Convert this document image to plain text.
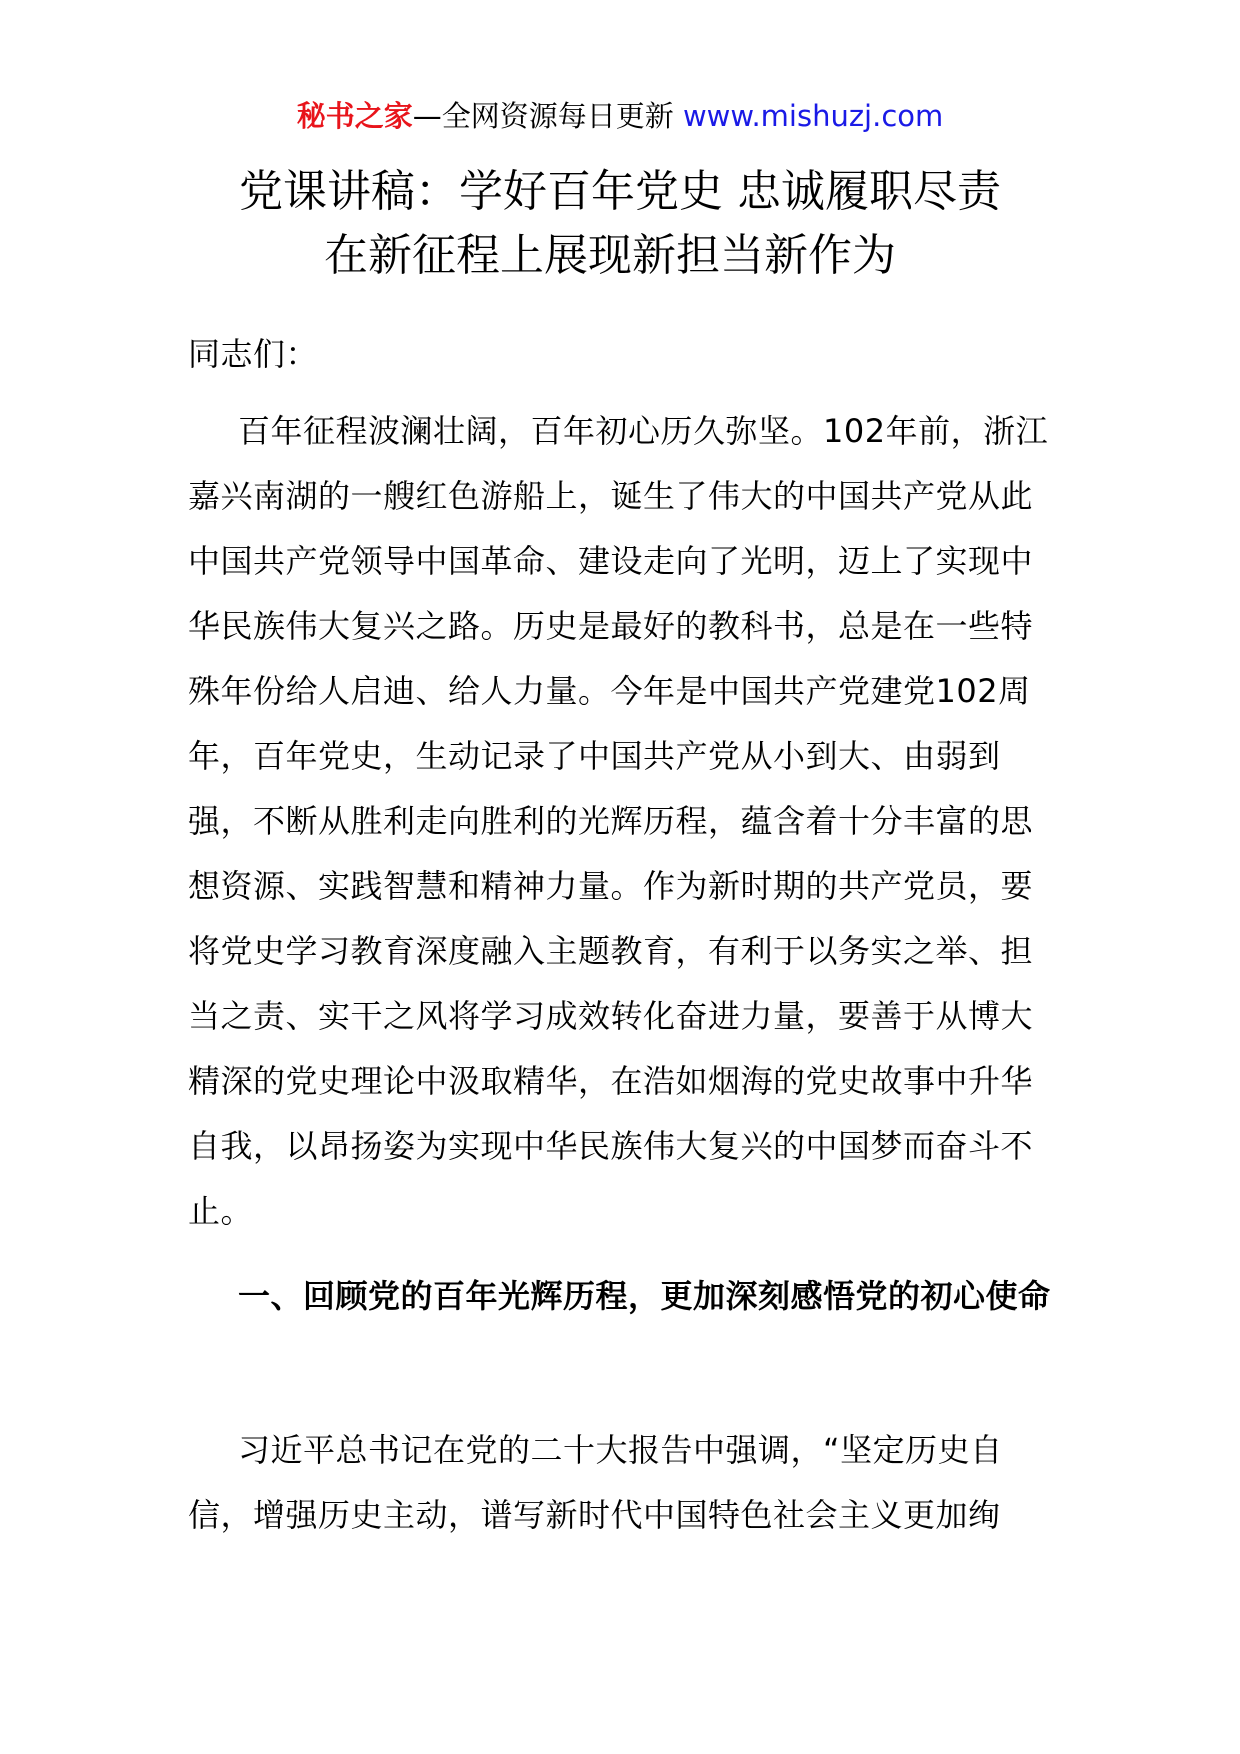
秘书之家—全网资源每日更新 www.mishuzj.com
党课讲稿：学好百年党史 忠诚履职尽责
在新征程上展现新担当新作为
同志们：

百年征程波澜壮阔，百年初心历久弥坚。102年前，浙江嘉兴南湖的一艘红色游船上，诞生了伟大的中国共产党从此中国共产党领导中国革命、建设走向了光明，迈上了实现中华民族伟大复兴之路。历史是最好的教科书，总是在一些特殊年份给人启迪、给人力量。今年是中国共产党建党102周年，百年党史，生动记录了中国共产党从小到大、由弱到强，不断从胜利走向胜利的光辉历程，蕴含着十分丰富的思想资源、实践智慧和精神力量。作为新时期的共产党员，要将党史学习教育深度融入主题教育，有利于以务实之举、担当之责、实干之风将学习成效转化奋进力量，要善于从博大精深的党史理论中汲取精华，在浩如烟海的党史故事中升华自我，以昂扬姿为实现中华民族伟大复兴的中国梦而奋斗不止。

一、回顾党的百年光辉历程，更加深刻感悟党的初心使命

习近平总书记在党的二十大报告中强调，“坚定历史自信，增强历史主动，谱写新时代中国特色社会主义更加绚
